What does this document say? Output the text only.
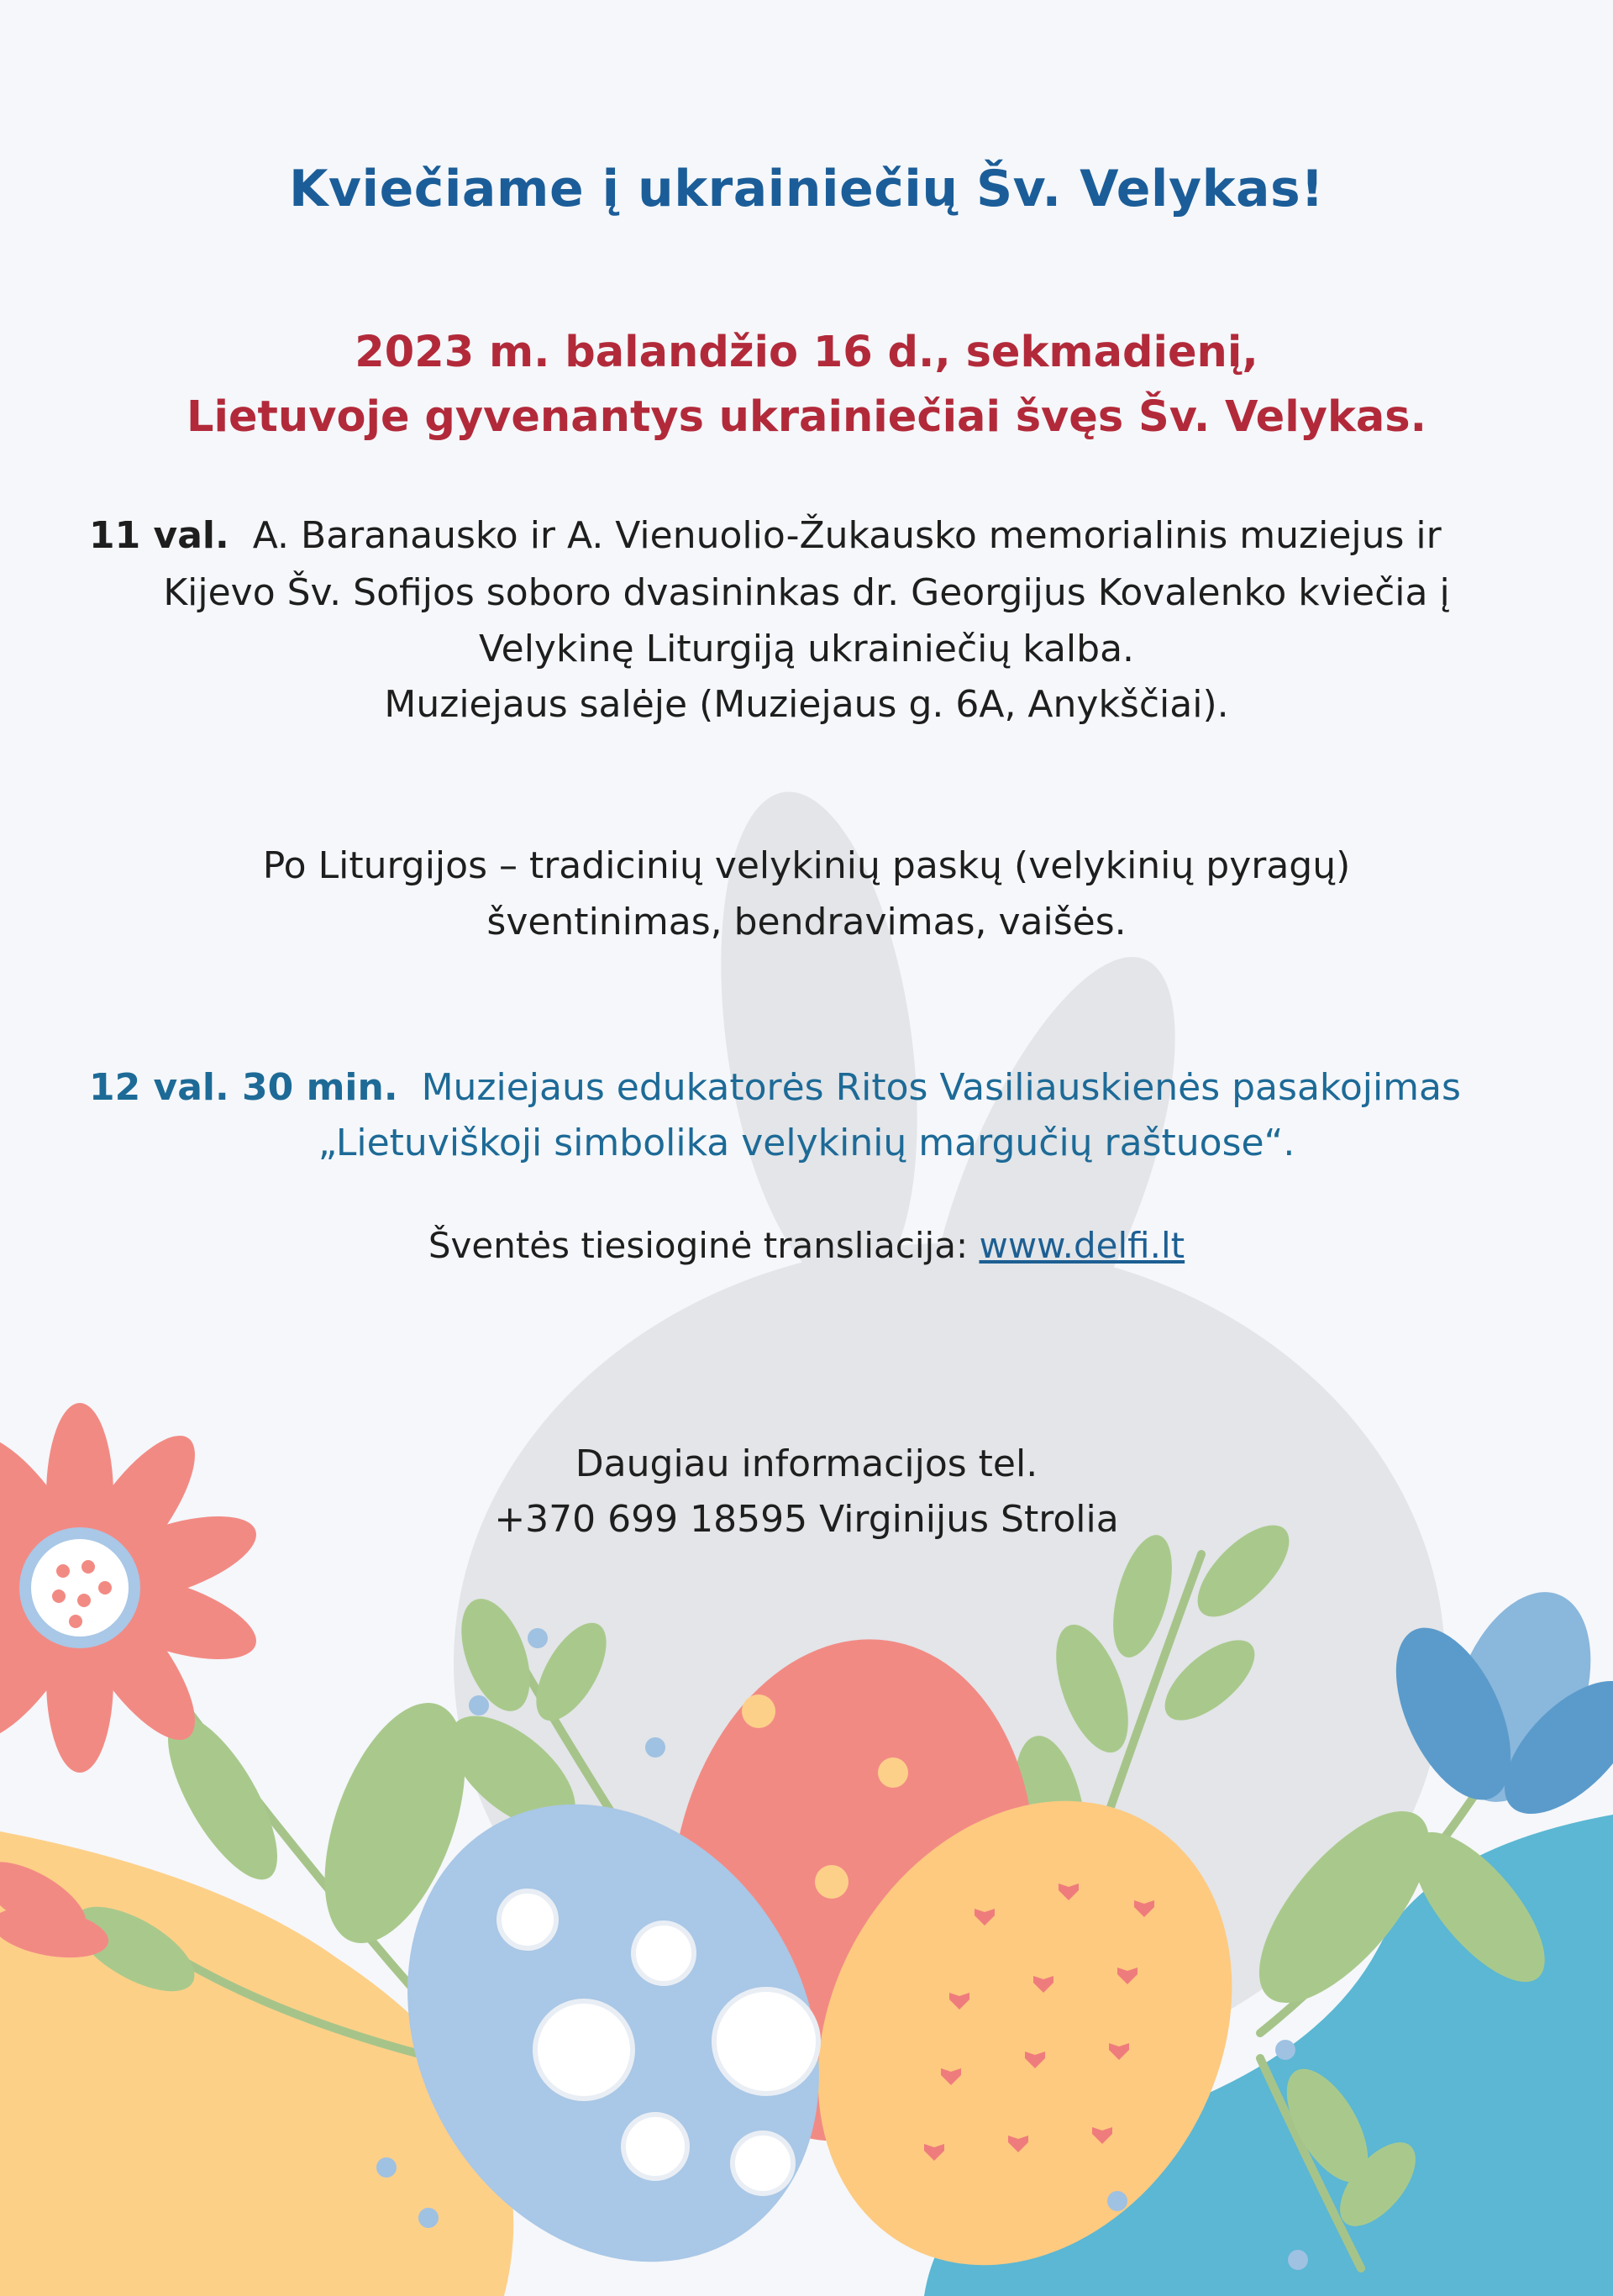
Kviečiame į ukrainiečių Šv. Velykas!
2023 m. balandžio 16 d., sekmadienį,
Lietuvoje gyvenantys ukrainiečiai švęs Šv. Velykas.
11 val. A. Baranausko ir A. Vienuolio-Žukausko memorialinis muziejus ir
Kijevo Šv. Sofijos soboro dvasininkas dr. Georgijus Kovalenko kviečia į
Velykinę Liturgiją ukrainiečių kalba.
Muziejaus salėje (Muziejaus g. 6A, Anykščiai).
Po Liturgijos – tradicinių velykinių paskų (velykinių pyragų)
šventinimas, bendravimas, vaišės.
12 val. 30 min. Muziejaus edukatorės Ritos Vasiliauskienės pasakojimas
„Lietuviškoji simbolika velykinių margučių raštuose“.
Šventės tiesioginė transliacija: www.delfi.lt
Daugiau informacijos tel.
+370 699 18595 Virginijus Strolia
